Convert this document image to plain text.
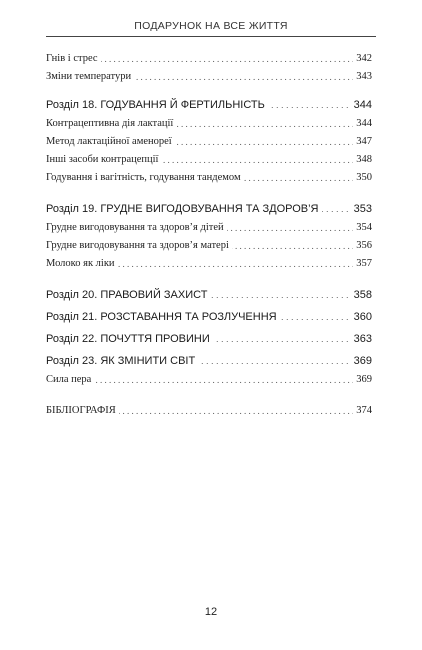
ПОДАРУНОК НА ВСЕ ЖИТТЯ
Гнів і стрес	342
. . .
Зміни температури	343
. . .
Розділ 18. ГОДУВАННЯ Й ФЕРТИЛЬНІСТЬ	344
. . .
Контрацептивна дія лактації	344
. . .
Метод лактаційної аменореї	347
. . .
Інші засоби контрацепції	348
. . .
Годування і вагітність, годування тандемом	350
. . .
Розділ 19. ГРУДНЕ ВИГОДОВУВАННЯ ТА ЗДОРОВ’Я	353
. . .
Грудне вигодовування та здоров’я дітей	354
. . .
Грудне вигодовування та здоров’я матері	356
. . .
Молоко як ліки	357
. . .
Розділ 20. ПРАВОВИЙ ЗАХИСТ	358
. . .
Розділ 21. РОЗСТАВАННЯ ТА РОЗЛУЧЕННЯ	360
. . .
Розділ 22. ПОЧУТТЯ ПРОВИНИ	363
. . .
Розділ 23. ЯК ЗМІНИТИ СВІТ	369
. . .
Сила пера	369
. . .
БІБЛІОГРАФІЯ	374
. . .
12
